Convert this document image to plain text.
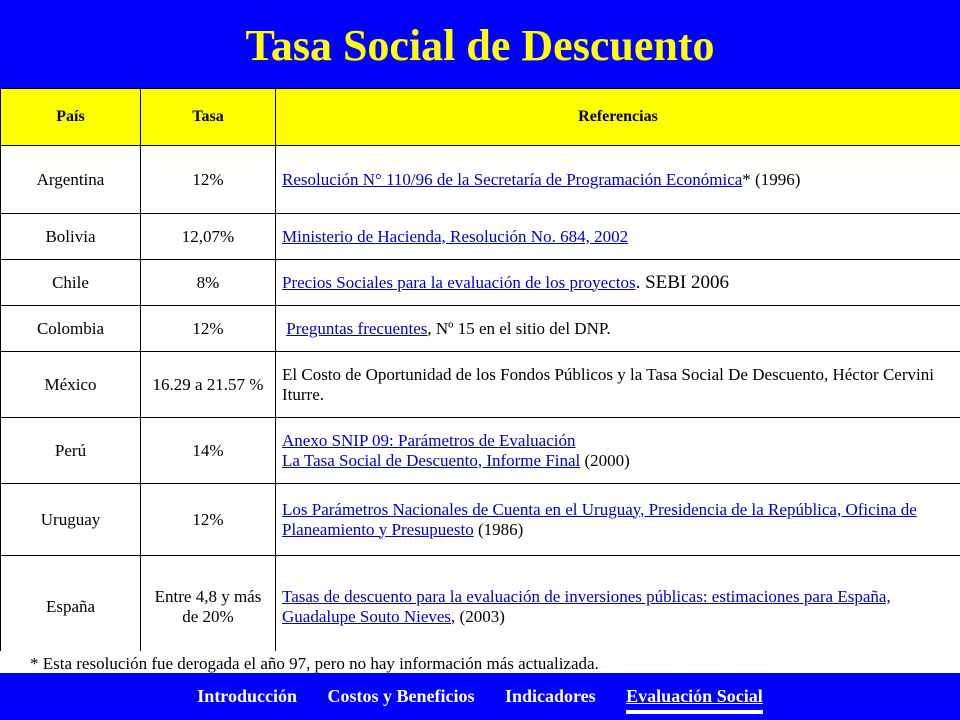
Tasa Social de Descuento
País	Tasa	Referencias
Argentina	12%	Resolución N° 110/96 de la Secretaría de Programación Económica* (1996)
Bolivia	12,07%	Ministerio de Hacienda, Resolución No. 684, 2002
Chile	8%	Precios Sociales para la evaluación de los proyectos. SEBI 2006
Colombia	12%	Preguntas frecuentes, Nº 15 en el sitio del DNP.
México	16.29 a 21.57 %	El Costo de Oportunidad de los Fondos Públicos y la Tasa Social De Descuento, Héctor Cervini Iturre.
Perú	14%	Anexo SNIP 09: Parámetros de Evaluación
La Tasa Social de Descuento, Informe Final (2000)
Uruguay	12%	Los Parámetros Nacionales de Cuenta en el Uruguay, Presidencia de la República, Oficina de Planeamiento y Presupuesto (1986)
España	Entre 4,8 y más de 20%	Tasas de descuento para la evaluación de inversiones públicas: estimaciones para España, Guadalupe Souto Nieves, (2003)
* Esta resolución fue derogada el año 97, pero no hay información más actualizada.
Introducción Costos y Beneficios Indicadores Evaluación Social
